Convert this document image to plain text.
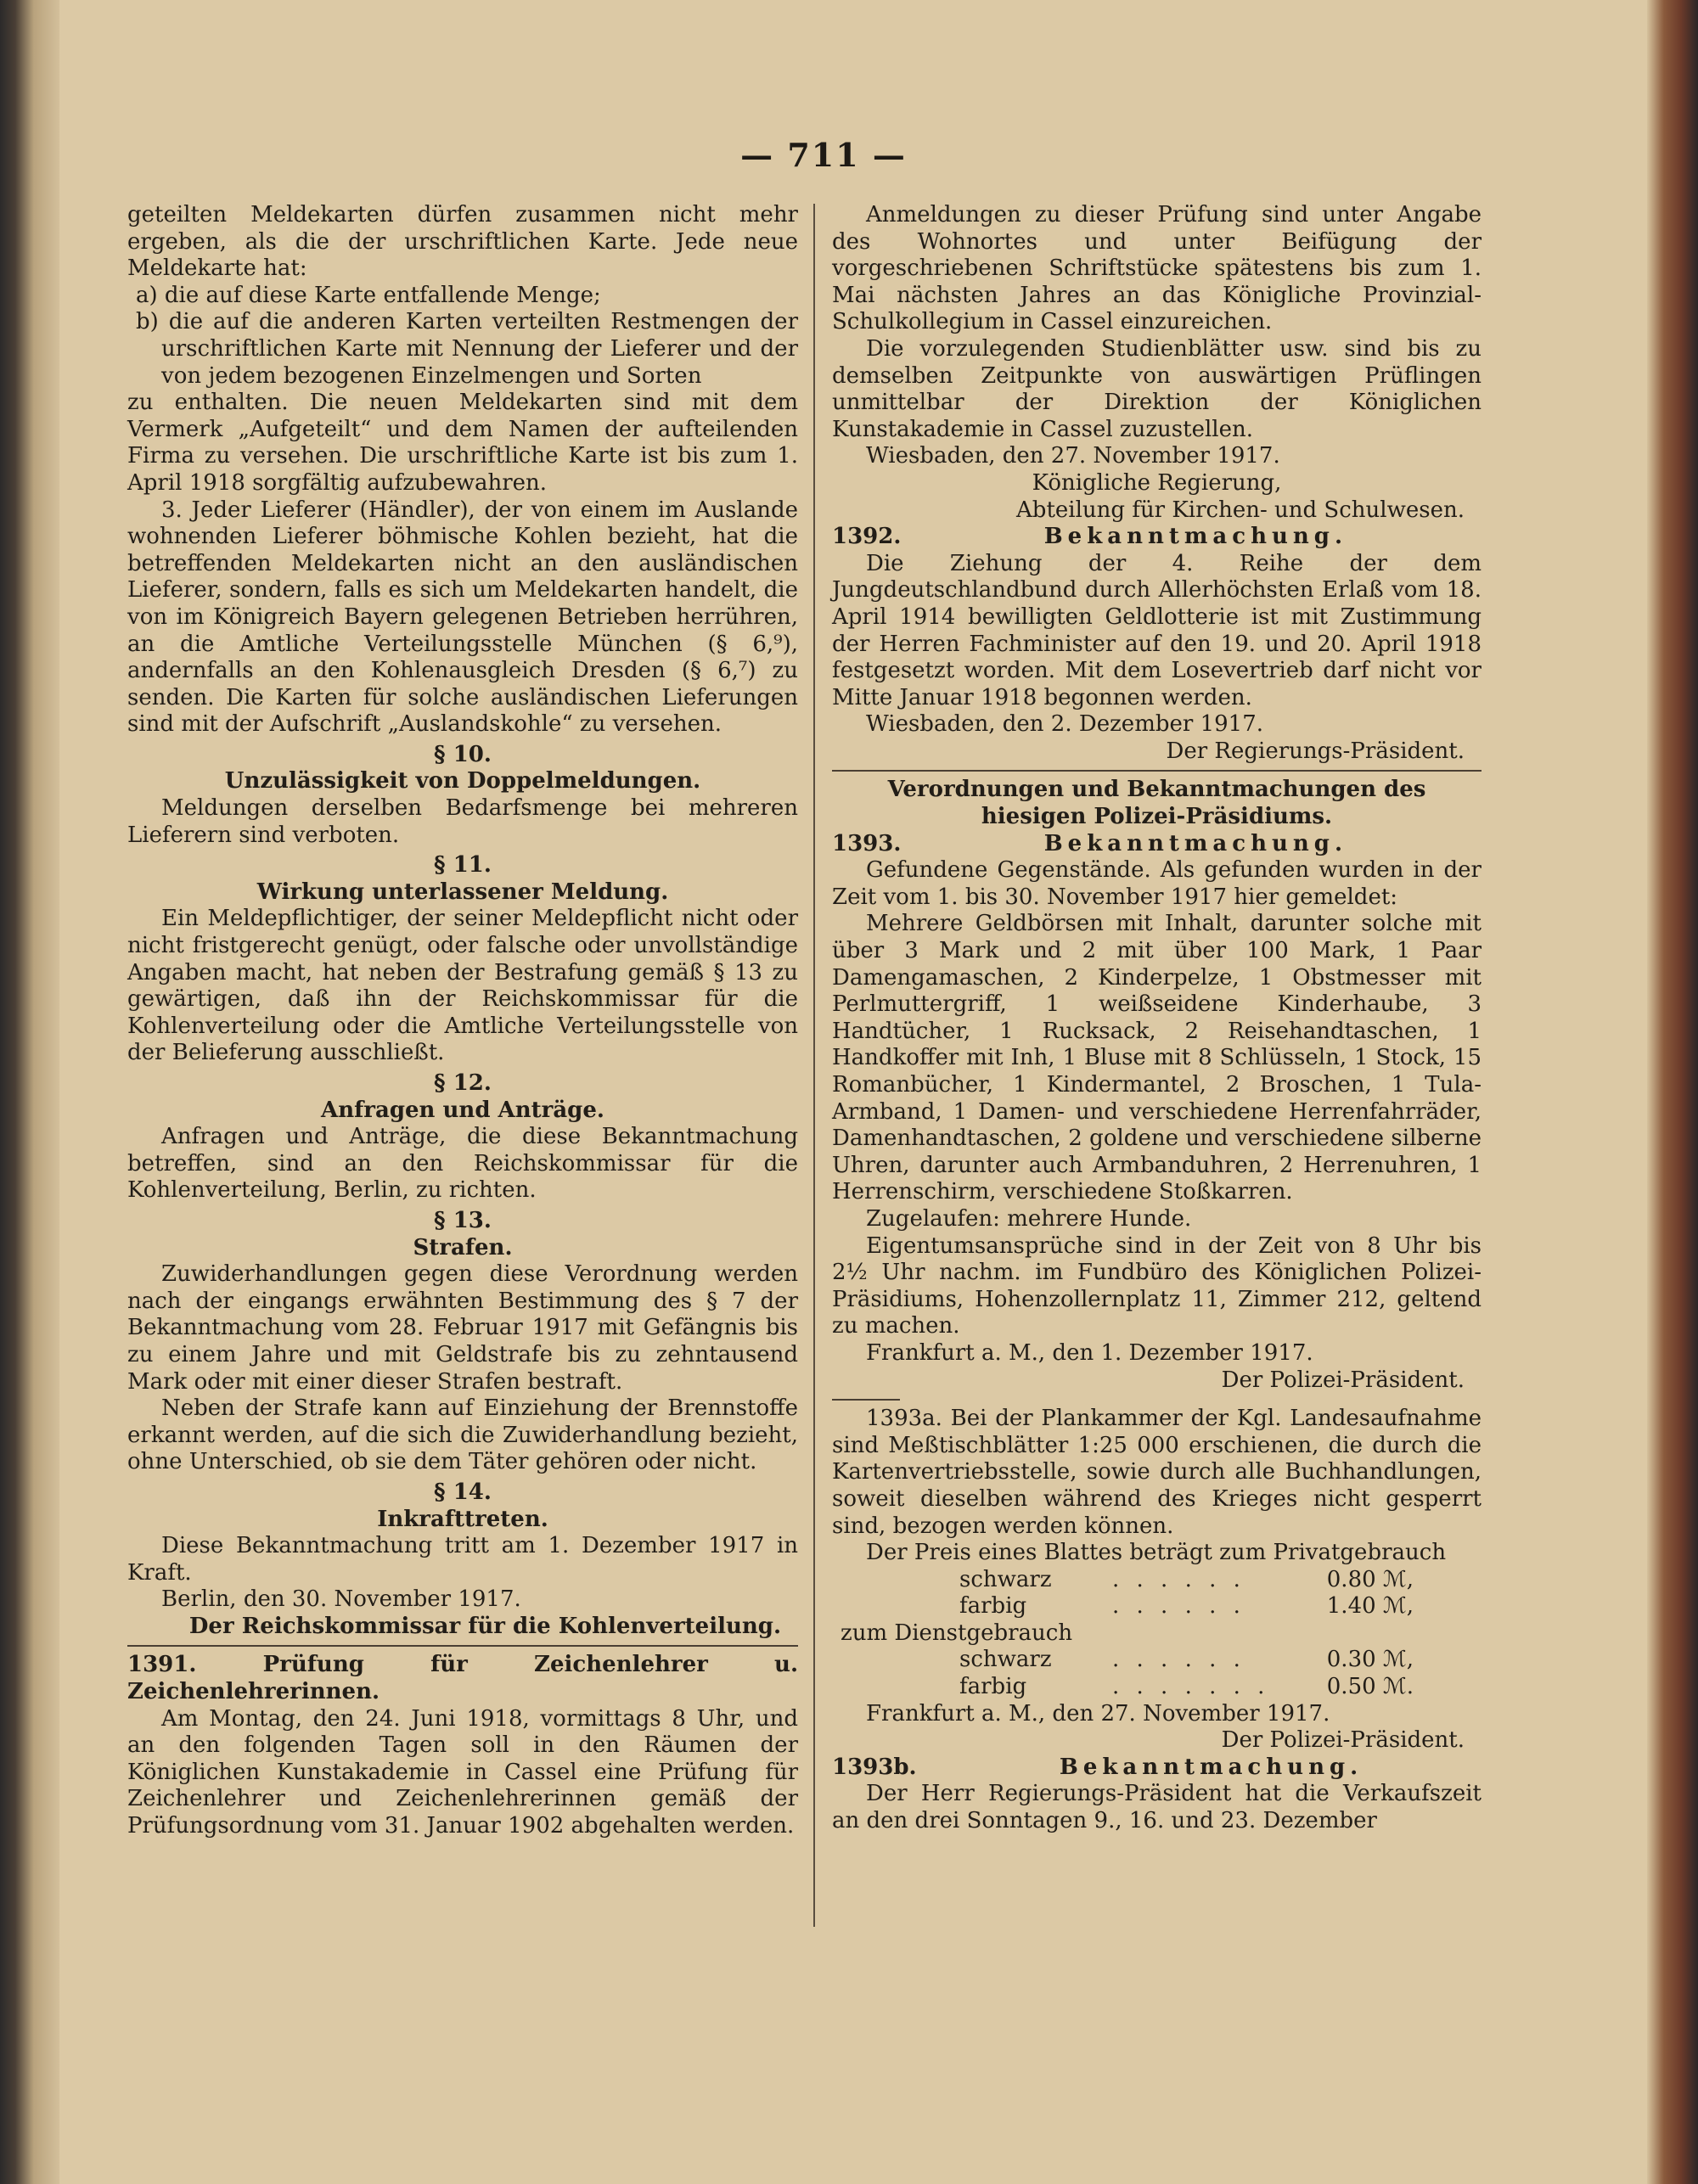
— 711 —

geteilten Meldekarten dürfen zusammen nicht mehr ergeben, als die der urschriftlichen Karte. Jede neue Meldekarte hat:

a) die auf diese Karte entfallende Menge;

b) die auf die anderen Karten verteilten Restmengen der urschriftlichen Karte mit Nennung der Lieferer und der von jedem bezogenen Einzelmengen und Sorten

zu enthalten. Die neuen Meldekarten sind mit dem Vermerk „Aufgeteilt“ und dem Namen der aufteilenden Firma zu versehen. Die urschriftliche Karte ist bis zum 1. April 1918 sorgfältig aufzubewahren.

3. Jeder Lieferer (Händler), der von einem im Auslande wohnenden Lieferer böhmische Kohlen bezieht, hat die betreffenden Meldekarten nicht an den ausländischen Lieferer, sondern, falls es sich um Meldekarten handelt, die von im Königreich Bayern gelegenen Betrieben herrühren, an die Amtliche Verteilungsstelle München (§ 6,⁹), andernfalls an den Kohlenausgleich Dresden (§ 6,⁷) zu senden. Die Karten für solche ausländischen Lieferungen sind mit der Aufschrift „Auslandskohle“ zu versehen.

§ 10.

Unzulässigkeit von Doppelmeldungen.

Meldungen derselben Bedarfsmenge bei mehreren Lieferern sind verboten.

§ 11.

Wirkung unterlassener Meldung.

Ein Meldepflichtiger, der seiner Meldepflicht nicht oder nicht fristgerecht genügt, oder falsche oder unvollständige Angaben macht, hat neben der Bestrafung gemäß § 13 zu gewärtigen, daß ihn der Reichskommissar für die Kohlenverteilung oder die Amtliche Verteilungsstelle von der Belieferung ausschließt.

§ 12.

Anfragen und Anträge.

Anfragen und Anträge, die diese Bekanntmachung betreffen, sind an den Reichskommissar für die Kohlenverteilung, Berlin, zu richten.

§ 13.

Strafen.

Zuwiderhandlungen gegen diese Verordnung werden nach der eingangs erwähnten Bestimmung des § 7 der Bekanntmachung vom 28. Februar 1917 mit Gefängnis bis zu einem Jahre und mit Geldstrafe bis zu zehntausend Mark oder mit einer dieser Strafen bestraft.

Neben der Strafe kann auf Einziehung der Brennstoffe erkannt werden, auf die sich die Zuwiderhandlung bezieht, ohne Unterschied, ob sie dem Täter gehören oder nicht.

§ 14.

Inkrafttreten.

Diese Bekanntmachung tritt am 1. Dezember 1917 in Kraft.

Berlin, den 30. November 1917.

Der Reichskommissar für die Kohlenverteilung.

1391. Prüfung für Zeichenlehrer u. Zeichenlehrerinnen.

Am Montag, den 24. Juni 1918, vormittags 8 Uhr, und an den folgenden Tagen soll in den Räumen der Königlichen Kunstakademie in Cassel eine Prüfung für Zeichenlehrer und Zeichenlehrerinnen gemäß der Prüfungsordnung vom 31. Januar 1902 abgehalten werden.

Anmeldungen zu dieser Prüfung sind unter Angabe des Wohnortes und unter Beifügung der vorgeschriebenen Schriftstücke spätestens bis zum 1. Mai nächsten Jahres an das Königliche Provinzial-Schulkollegium in Cassel einzureichen.

Die vorzulegenden Studienblätter usw. sind bis zu demselben Zeitpunkte von auswärtigen Prüflingen unmittelbar der Direktion der Königlichen Kunstakademie in Cassel zuzustellen.

Wiesbaden, den 27. November 1917.

Königliche Regierung,

Abteilung für Kirchen- und Schulwesen.

1392.	Bekanntmachung.

Die Ziehung der 4. Reihe der dem Jungdeutschlandbund durch Allerhöchsten Erlaß vom 18. April 1914 bewilligten Geldlotterie ist mit Zustimmung der Herren Fachminister auf den 19. und 20. April 1918 festgesetzt worden. Mit dem Losevertrieb darf nicht vor Mitte Januar 1918 begonnen werden.

Wiesbaden, den 2. Dezember 1917.

Der Regierungs-Präsident.

Verordnungen und Bekanntmachungen des hiesigen Polizei-Präsidiums.

1393.	Bekanntmachung.

Gefundene Gegenstände. Als gefunden wurden in der Zeit vom 1. bis 30. November 1917 hier gemeldet:

Mehrere Geldbörsen mit Inhalt, darunter solche mit über 3 Mark und 2 mit über 100 Mark, 1 Paar Damengamaschen, 2 Kinderpelze, 1 Obstmesser mit Perlmuttergriff, 1 weißseidene Kinderhaube, 3 Handtücher, 1 Rucksack, 2 Reisehandtaschen, 1 Handkoffer mit Inh, 1 Bluse mit 8 Schlüsseln, 1 Stock, 15 Romanbücher, 1 Kindermantel, 2 Broschen, 1 Tula-Armband, 1 Damen- und verschiedene Herrenfahrräder, Damenhandtaschen, 2 goldene und verschiedene silberne Uhren, darunter auch Armbanduhren, 2 Herrenuhren, 1 Herrenschirm, verschiedene Stoßkarren.

Zugelaufen: mehrere Hunde.

Eigentumsansprüche sind in der Zeit von 8 Uhr bis 2½ Uhr nachm. im Fundbüro des Königlichen Polizei-Präsidiums, Hohenzollernplatz 11, Zimmer 212, geltend zu machen.

Frankfurt a. M., den 1. Dezember 1917.

Der Polizei-Präsident.

1393a. Bei der Plankammer der Kgl. Landesaufnahme sind Meßtischblätter 1:25 000 erschienen, die durch die Kartenvertriebsstelle, sowie durch alle Buchhandlungen, soweit dieselben während des Krieges nicht gesperrt sind, bezogen werden können.

Der Preis eines Blattes beträgt zum Privatgebrauch

schwarz	. . . . . .	0.80 ℳ,
farbig	. . . . . .	1.40 ℳ,

zum Dienstgebrauch

schwarz	. . . . . .	0.30 ℳ,
farbig	. . . . . . .	0.50 ℳ.

Frankfurt a. M., den 27. November 1917.

Der Polizei-Präsident.

1393b.	Bekanntmachung.

Der Herr Regierungs-Präsident hat die Verkaufszeit an den drei Sonntagen 9., 16. und 23. Dezember
